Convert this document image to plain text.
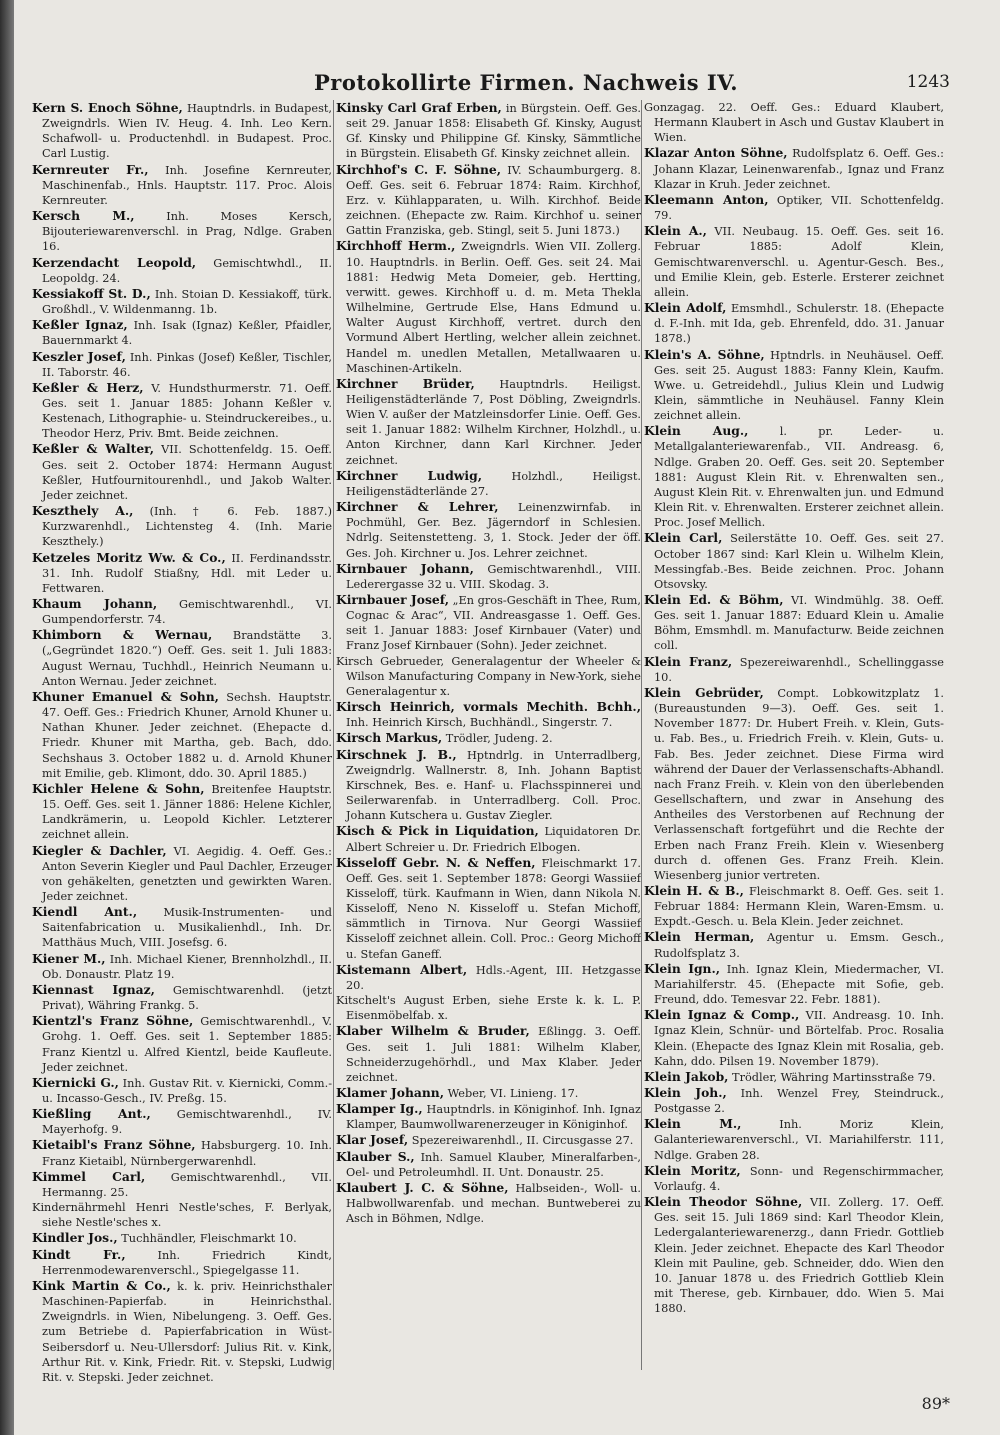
Protokollirte Firmen. Nachweis IV.	1243
Kern S. Enoch Söhne, Hauptndrls. in Budapest, Zweigndrls. Wien IV. Heug. 4. Inh. Leo Kern. Schafwoll- u. Productenhdl. in Budapest. Proc. Carl Lustig.
Kernreuter Fr., Inh. Josefine Kernreuter, Maschinenfab., Hnls. Hauptstr. 117. Proc. Alois Kernreuter.
Kersch M., Inh. Moses Kersch, Bijouteriewarenverschl. in Prag, Ndlge. Graben 16.
Kerzendacht Leopold, Gemischtwhdl., II. Leopoldg. 24.
Kessiakoff St. D., Inh. Stoian D. Kessiakoff, türk. Großhdl., V. Wildenmanng. 1b.
Keßler Ignaz, Inh. Isak (Ignaz) Keßler, Pfaidler, Bauernmarkt 4.
Keszler Josef, Inh. Pinkas (Josef) Keßler, Tischler, II. Taborstr. 46.
Keßler & Herz, V. Hundsthurmerstr. 71. Oeff. Ges. seit 1. Januar 1885: Johann Keßler v. Kestenach, Lithographie- u. Steindruckereibes., u. Theodor Herz, Priv. Bmt. Beide zeichnen.
Keßler & Walter, VII. Schottenfeldg. 15. Oeff. Ges. seit 2. October 1874: Hermann August Keßler, Hutfournitourenhdl., und Jakob Walter. Jeder zeichnet.
Keszthely A., (Inh. † 6. Feb. 1887.) Kurzwarenhdl., Lichtensteg 4. (Inh. Marie Keszthely.)
Ketzeles Moritz Ww. & Co., II. Ferdinandsstr. 31. Inh. Rudolf Stiaßny, Hdl. mit Leder u. Fettwaren.
Khaum Johann, Gemischtwarenhdl., VI. Gumpendorferstr. 74.
Khimborn & Wernau, Brandstätte 3. („Gegründet 1820.“) Oeff. Ges. seit 1. Juli 1883: August Wernau, Tuchhdl., Heinrich Neumann u. Anton Wernau. Jeder zeichnet.
Khuner Emanuel & Sohn, Sechsh. Hauptstr. 47. Oeff. Ges.: Friedrich Khuner, Arnold Khuner u. Nathan Khuner. Jeder zeichnet. (Ehepacte d. Friedr. Khuner mit Martha, geb. Bach, ddo. Sechshaus 3. October 1882 u. d. Arnold Khuner mit Emilie, geb. Klimont, ddo. 30. April 1885.)
Kichler Helene & Sohn, Breitenfee Hauptstr. 15. Oeff. Ges. seit 1. Jänner 1886: Helene Kichler, Landkrämerin, u. Leopold Kichler. Letzterer zeichnet allein.
Kiegler & Dachler, VI. Aegidig. 4. Oeff. Ges.: Anton Severin Kiegler und Paul Dachler, Erzeuger von gehäkelten, genetzten und gewirkten Waren. Jeder zeichnet.
Kiendl Ant., Musik-Instrumenten- und Saitenfabrication u. Musikalienhdl., Inh. Dr. Matthäus Much, VIII. Josefsg. 6.
Kiener M., Inh. Michael Kiener, Brennholzhdl., II. Ob. Donaustr. Platz 19.
Kiennast Ignaz, Gemischtwarenhdl. (jetzt Privat), Währing Frankg. 5.
Kientzl's Franz Söhne, Gemischtwarenhdl., V. Grohg. 1. Oeff. Ges. seit 1. September 1885: Franz Kientzl u. Alfred Kientzl, beide Kaufleute. Jeder zeichnet.
Kiernicki G., Inh. Gustav Rit. v. Kiernicki, Comm.- u. Incasso-Gesch., IV. Preßg. 15.
Kießling Ant., Gemischtwarenhdl., IV. Mayerhofg. 9.
Kietaibl's Franz Söhne, Habsburgerg. 10. Inh. Franz Kietaibl, Nürnbergerwarenhdl.
Kimmel Carl, Gemischtwarenhdl., VII. Hermanng. 25.
Kindernährmehl Henri Nestle'sches, F. Berlyak, siehe Nestle'sches x.
Kindler Jos., Tuchhändler, Fleischmarkt 10.
Kindt Fr., Inh. Friedrich Kindt, Herrenmodewarenverschl., Spiegelgasse 11.
Kink Martin & Co., k. k. priv. Heinrichsthaler Maschinen-Papierfab. in Heinrichsthal. Zweigndrls. in Wien, Nibelungeng. 3. Oeff. Ges. zum Betriebe d. Papierfabrication in Wüst-Seibersdorf u. Neu-Ullersdorf: Julius Rit. v. Kink, Arthur Rit. v. Kink, Friedr. Rit. v. Stepski, Ludwig Rit. v. Stepski. Jeder zeichnet.
Kinsky Carl Graf Erben, in Bürgstein. Oeff. Ges. seit 29. Januar 1858: Elisabeth Gf. Kinsky, August Gf. Kinsky und Philippine Gf. Kinsky, Sämmtliche in Bürgstein. Elisabeth Gf. Kinsky zeichnet allein.
Kirchhof's C. F. Söhne, IV. Schaumburgerg. 8. Oeff. Ges. seit 6. Februar 1874: Raim. Kirchhof, Erz. v. Kühlapparaten, u. Wilh. Kirchhof. Beide zeichnen. (Ehepacte zw. Raim. Kirchhof u. seiner Gattin Franziska, geb. Stingl, seit 5. Juni 1873.)
Kirchhoff Herm., Zweigndrls. Wien VII. Zollerg. 10. Hauptndrls. in Berlin. Oeff. Ges. seit 24. Mai 1881: Hedwig Meta Domeier, geb. Hertting, verwitt. gewes. Kirchhoff u. d. m. Meta Thekla Wilhelmine, Gertrude Else, Hans Edmund u. Walter August Kirchhoff, vertret. durch den Vormund Albert Hertling, welcher allein zeichnet. Handel m. unedlen Metallen, Metallwaaren u. Maschinen-Artikeln.
Kirchner Brüder, Hauptndrls. Heiligst. Heiligenstädterlände 7, Post Döbling, Zweigndrls. Wien V. außer der Matzleinsdorfer Linie. Oeff. Ges. seit 1. Januar 1882: Wilhelm Kirchner, Holzhdl., u. Anton Kirchner, dann Karl Kirchner. Jeder zeichnet.
Kirchner Ludwig, Holzhdl., Heiligst. Heiligenstädterlände 27.
Kirchner & Lehrer, Leinenzwirnfab. in Pochmühl, Ger. Bez. Jägerndorf in Schlesien. Ndrlg. Seitenstetteng. 3, 1. Stock. Jeder der öff. Ges. Joh. Kirchner u. Jos. Lehrer zeichnet.
Kirnbauer Johann, Gemischtwarenhdl., VIII. Lederergasse 32 u. VIII. Skodag. 3.
Kirnbauer Josef, „En gros-Geschäft in Thee, Rum, Cognac & Arac“, VII. Andreasgasse 1. Oeff. Ges. seit 1. Januar 1883: Josef Kirnbauer (Vater) und Franz Josef Kirnbauer (Sohn). Jeder zeichnet.
Kirsch Gebrueder, Generalagentur der Wheeler & Wilson Manufacturing Company in New-York, siehe Generalagentur x.
Kirsch Heinrich, vormals Mechith. Bchh., Inh. Heinrich Kirsch, Buchhändl., Singerstr. 7.
Kirsch Markus, Trödler, Judeng. 2.
Kirschnek J. B., Hptndrlg. in Unterradlberg, Zweigndrlg. Wallnerstr. 8, Inh. Johann Baptist Kirschnek, Bes. e. Hanf- u. Flachsspinnerei und Seilerwarenfab. in Unterradlberg. Coll. Proc. Johann Kutschera u. Gustav Ziegler.
Kisch & Pick in Liquidation, Liquidatoren Dr. Albert Schreier u. Dr. Friedrich Elbogen.
Kisseloff Gebr. N. & Neffen, Fleischmarkt 17. Oeff. Ges. seit 1. September 1878: Georgi Wassiief Kisseloff, türk. Kaufmann in Wien, dann Nikola N. Kisseloff, Neno N. Kisseloff u. Stefan Michoff, sämmtlich in Tirnova. Nur Georgi Wassiief Kisseloff zeichnet allein. Coll. Proc.: Georg Michoff u. Stefan Ganeff.
Kistemann Albert, Hdls.-Agent, III. Hetzgasse 20.
Kitschelt's August Erben, siehe Erste k. k. L. P. Eisenmöbelfab. x.
Klaber Wilhelm & Bruder, Eßlingg. 3. Oeff. Ges. seit 1. Juli 1881: Wilhelm Klaber, Schneiderzugehörhdl., und Max Klaber. Jeder zeichnet.
Klamer Johann, Weber, VI. Linieng. 17.
Klamper Ig., Hauptndrls. in Königinhof. Inh. Ignaz Klamper, Baumwollwarenerzeuger in Königinhof.
Klar Josef, Spezereiwarenhdl., II. Circusgasse 27.
Klauber S., Inh. Samuel Klauber, Mineralfarben-, Oel- und Petroleumhdl. II. Unt. Donaustr. 25.
Klaubert J. C. & Söhne, Halbseiden-, Woll- u. Halbwollwarenfab. und mechan. Buntweberei zu Asch in Böhmen, Ndlge.
Gonzagag. 22. Oeff. Ges.: Eduard Klaubert, Hermann Klaubert in Asch und Gustav Klaubert in Wien.
Klazar Anton Söhne, Rudolfsplatz 6. Oeff. Ges.: Johann Klazar, Leinenwarenfab., Ignaz und Franz Klazar in Kruh. Jeder zeichnet.
Kleemann Anton, Optiker, VII. Schottenfeldg. 79.
Klein A., VII. Neubaug. 15. Oeff. Ges. seit 16. Februar 1885: Adolf Klein, Gemischtwarenverschl. u. Agentur-Gesch. Bes., und Emilie Klein, geb. Esterle. Ersterer zeichnet allein.
Klein Adolf, Emsmhdl., Schulerstr. 18. (Ehepacte d. F.-Inh. mit Ida, geb. Ehrenfeld, ddo. 31. Januar 1878.)
Klein's A. Söhne, Hptndrls. in Neuhäusel. Oeff. Ges. seit 25. August 1883: Fanny Klein, Kaufm. Wwe. u. Getreidehdl., Julius Klein und Ludwig Klein, sämmtliche in Neuhäusel. Fanny Klein zeichnet allein.
Klein Aug., l. pr. Leder- u. Metallgalanteriewarenfab., VII. Andreasg. 6, Ndlge. Graben 20. Oeff. Ges. seit 20. September 1881: August Klein Rit. v. Ehrenwalten sen., August Klein Rit. v. Ehrenwalten jun. und Edmund Klein Rit. v. Ehrenwalten. Ersterer zeichnet allein. Proc. Josef Mellich.
Klein Carl, Seilerstätte 10. Oeff. Ges. seit 27. October 1867 sind: Karl Klein u. Wilhelm Klein, Messingfab.-Bes. Beide zeichnen. Proc. Johann Otsovsky.
Klein Ed. & Böhm, VI. Windmühlg. 38. Oeff. Ges. seit 1. Januar 1887: Eduard Klein u. Amalie Böhm, Emsmhdl. m. Manufacturw. Beide zeichnen coll.
Klein Franz, Spezereiwarenhdl., Schellinggasse 10.
Klein Gebrüder, Compt. Lobkowitzplatz 1. (Bureaustunden 9—3). Oeff. Ges. seit 1. November 1877: Dr. Hubert Freih. v. Klein, Guts- u. Fab. Bes., u. Friedrich Freih. v. Klein, Guts- u. Fab. Bes. Jeder zeichnet. Diese Firma wird während der Dauer der Verlassenschafts-Abhandl. nach Franz Freih. v. Klein von den überlebenden Gesellschaftern, und zwar in Ansehung des Antheiles des Verstorbenen auf Rechnung der Verlassenschaft fortgeführt und die Rechte der Erben nach Franz Freih. Klein v. Wiesenberg durch d. offenen Ges. Franz Freih. Klein. Wiesenberg junior vertreten.
Klein H. & B., Fleischmarkt 8. Oeff. Ges. seit 1. Februar 1884: Hermann Klein, Waren-Emsm. u. Expdt.-Gesch. u. Bela Klein. Jeder zeichnet.
Klein Herman, Agentur u. Emsm. Gesch., Rudolfsplatz 3.
Klein Ign., Inh. Ignaz Klein, Miedermacher, VI. Mariahilferstr. 45. (Ehepacte mit Sofie, geb. Freund, ddo. Temesvar 22. Febr. 1881).
Klein Ignaz & Comp., VII. Andreasg. 10. Inh. Ignaz Klein, Schnür- und Börtelfab. Proc. Rosalia Klein. (Ehepacte des Ignaz Klein mit Rosalia, geb. Kahn, ddo. Pilsen 19. November 1879).
Klein Jakob, Trödler, Währing Martinsstraße 79.
Klein Joh., Inh. Wenzel Frey, Steindruck., Postgasse 2.
Klein M., Inh. Moriz Klein, Galanteriewarenverschl., VI. Mariahilferstr. 111, Ndlge. Graben 28.
Klein Moritz, Sonn- und Regenschirmmacher, Vorlaufg. 4.
Klein Theodor Söhne, VII. Zollerg. 17. Oeff. Ges. seit 15. Juli 1869 sind: Karl Theodor Klein, Ledergalanteriewarenerzg., dann Friedr. Gottlieb Klein. Jeder zeichnet. Ehepacte des Karl Theodor Klein mit Pauline, geb. Schneider, ddo. Wien den 10. Januar 1878 u. des Friedrich Gottlieb Klein mit Therese, geb. Kirnbauer, ddo. Wien 5. Mai 1880.
89*
